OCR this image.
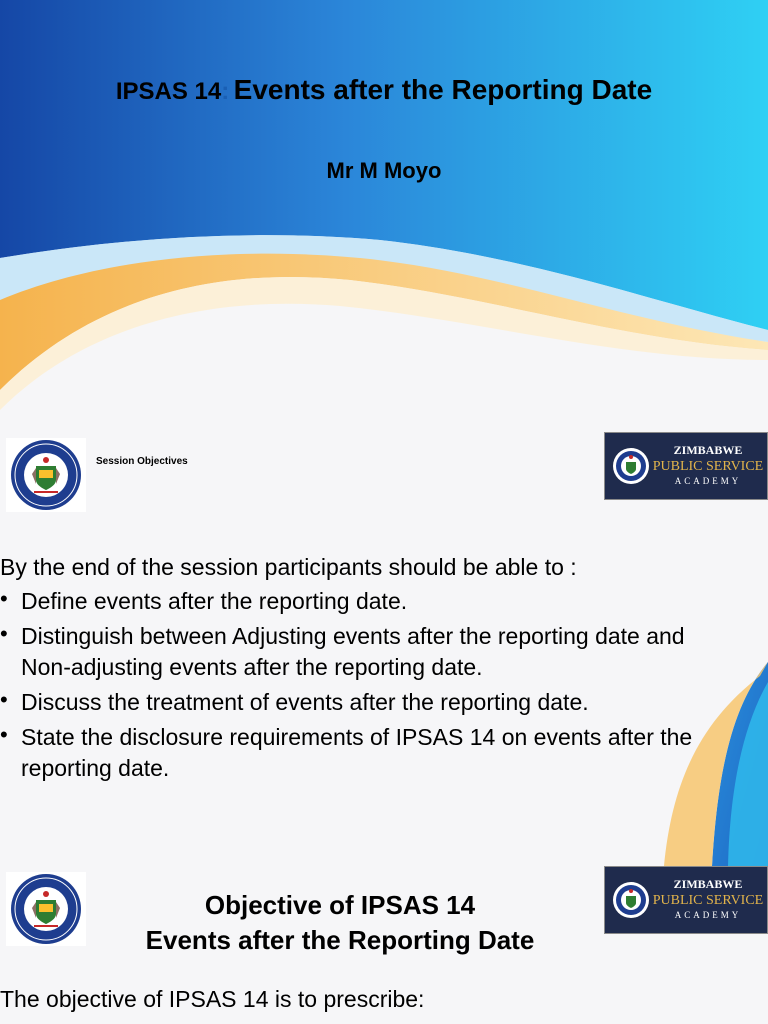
IPSAS 14: Events after the Reporting Date
Mr M Moyo
Session Objectives
ZIMBABWE
PUBLIC SERVICE
ACADEMY
By the end of the session participants should be able to :
• Define events after the reporting date.
• Distinguish between Adjusting events after the reporting date and Non-adjusting events after the reporting date.
• Discuss the treatment of events after the reporting date.
• State the disclosure requirements of IPSAS 14 on events after the reporting date.
ZIMBABWE
PUBLIC SERVICE
ACADEMY
Objective of IPSAS 14
Events after the Reporting Date
The objective of IPSAS 14 is to prescribe:
